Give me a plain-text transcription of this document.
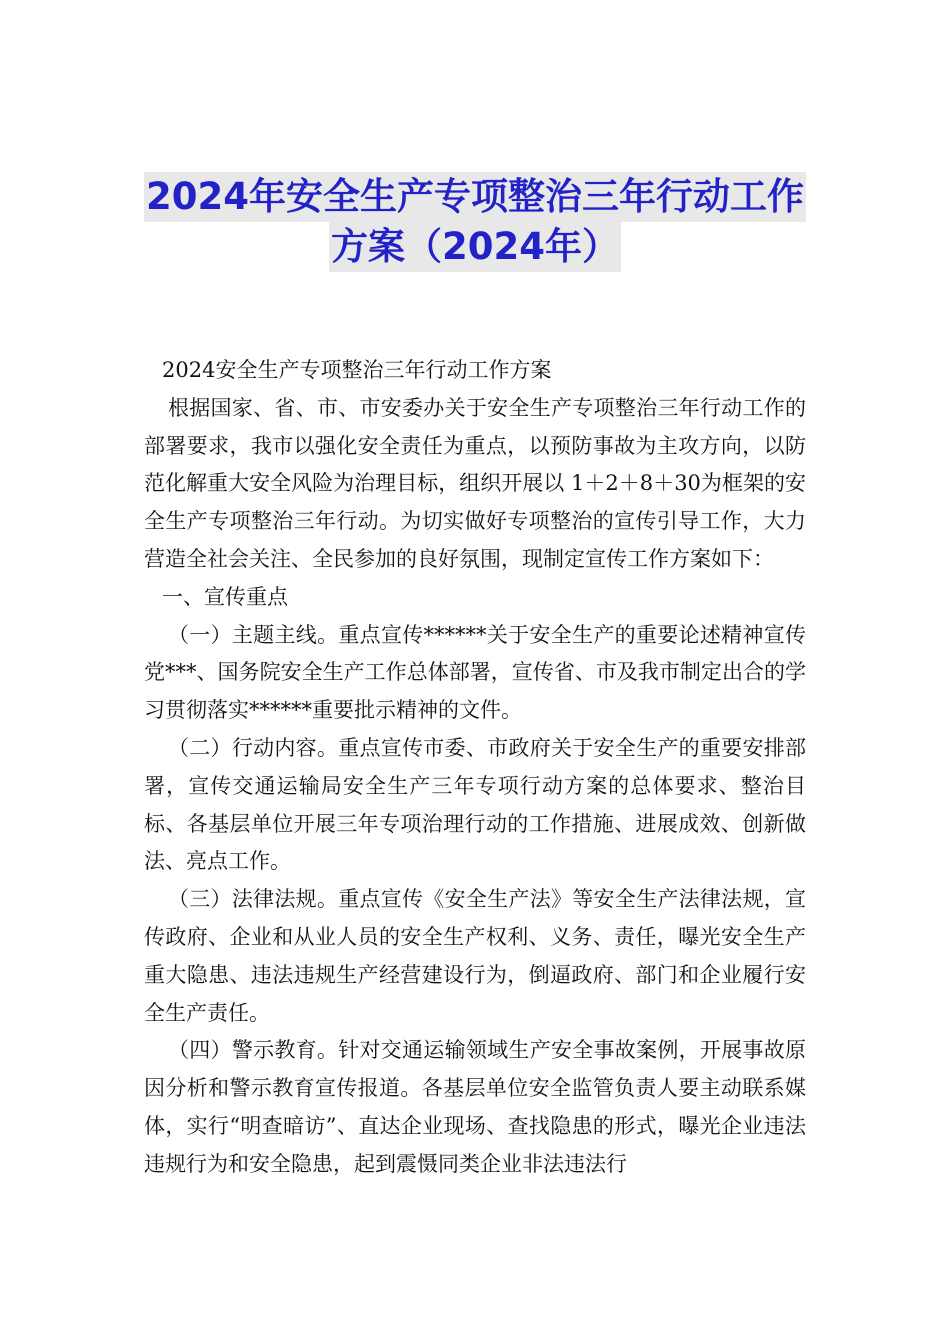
2024年安全生产专项整治三年行动工作
方案（2024年）

2024安全生产专项整治三年行动工作方案

根据国家、省、市、市安委办关于安全生产专项整治三年行动工作的部署要求，我市以强化安全责任为重点，以预防事故为主攻方向，以防范化解重大安全风险为治理目标，组织开展以 1＋2＋8＋30为框架的安全生产专项整治三年行动。为切实做好专项整治的宣传引导工作，大力营造全社会关注、全民参加的良好氛围，现制定宣传工作方案如下：

一、宣传重点

（一）主题主线。重点宣传******关于安全生产的重要论述精神宣传党***、国务院安全生产工作总体部署，宣传省、市及我市制定出合的学习贯彻落实******重要批示精神的文件。

（二）行动内容。重点宣传市委、市政府关于安全生产的重要安排部署，宣传交通运输局安全生产三年专项行动方案的总体要求、整治目标、各基层单位开展三年专项治理行动的工作措施、进展成效、创新做法、亮点工作。

（三）法律法规。重点宣传《安全生产法》等安全生产法律法规，宣传政府、企业和从业人员的安全生产权利、义务、责任，曝光安全生产重大隐患、违法违规生产经营建设行为，倒逼政府、部门和企业履行安全生产责任。

（四）警示教育。针对交通运输领域生产安全事故案例，开展事故原因分析和警示教育宣传报道。各基层单位安全监管负责人要主动联系媒体，实行“明查暗访”、直达企业现场、查找隐患的形式，曝光企业违法违规行为和安全隐患，起到震慑同类企业非法违法行
